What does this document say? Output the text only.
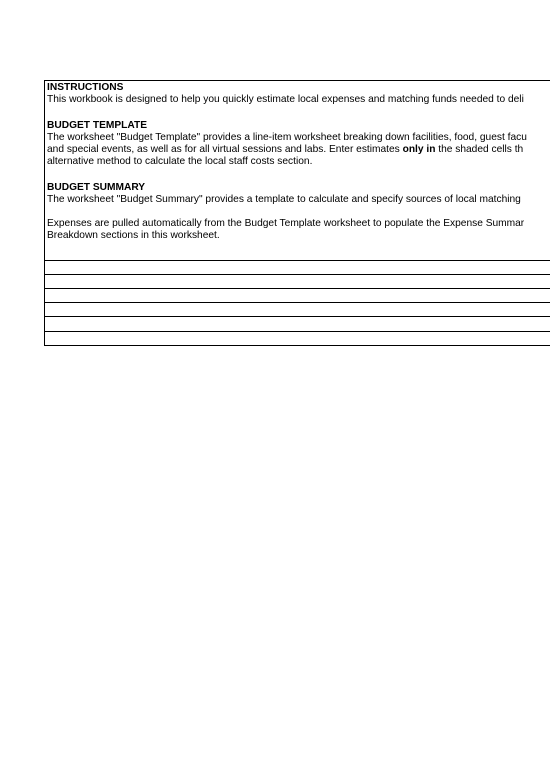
INSTRUCTIONS
This workbook is designed to help you quickly estimate local expenses and matching funds needed to deli
BUDGET TEMPLATE
The worksheet "Budget Template" provides a line-item worksheet breaking down facilities, food, guest facu
and special events, as well as for all virtual sessions and labs. Enter estimates only in the shaded cells th
alternative method to calculate the local staff costs section.
BUDGET SUMMARY
The worksheet "Budget Summary" provides a template to calculate and specify sources of local matching
Expenses are pulled automatically from the Budget Template worksheet to populate the Expense Summar
Breakdown sections in this worksheet.
